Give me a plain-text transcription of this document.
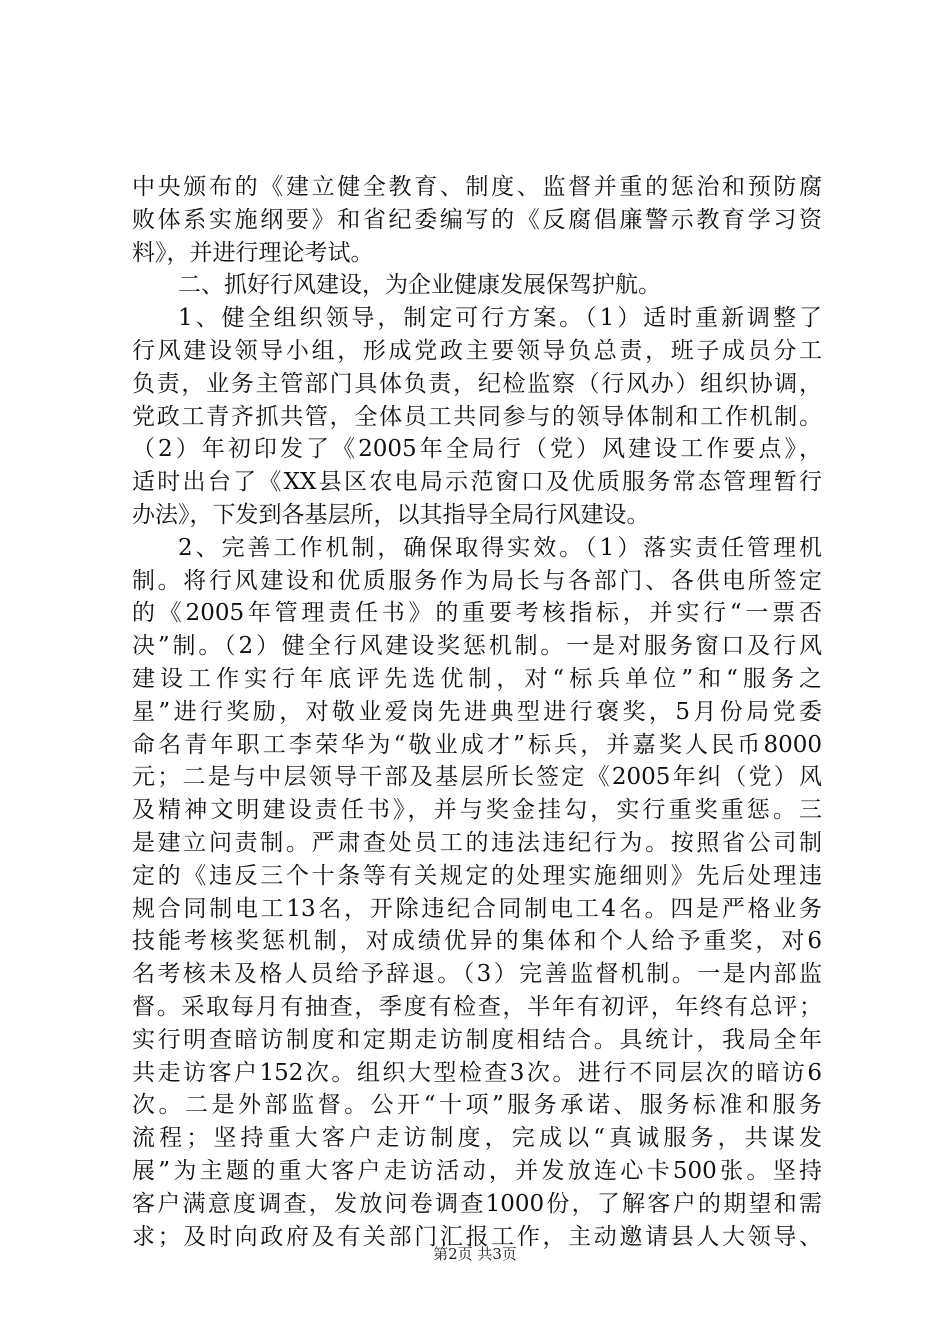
中央颁布的《建立健全教育、制度、监督并重的惩治和预防腐
败体系实施纲要》和省纪委编写的《反腐倡廉警示教育学习资
料》，并进行理论考试。
二、抓好行风建设，为企业健康发展保驾护航。
1、健全组织领导，制定可行方案。（1）适时重新调整了
行风建设领导小组，形成党政主要领导负总责，班子成员分工
负责，业务主管部门具体负责，纪检监察（行风办）组织协调，
党政工青齐抓共管，全体员工共同参与的领导体制和工作机制。
（2）年初印发了《2005年全局行（党）风建设工作要点》，
适时出台了《XX县区农电局示范窗口及优质服务常态管理暂行
办法》，下发到各基层所，以其指导全局行风建设。
2、完善工作机制，确保取得实效。（1）落实责任管理机
制。将行风建设和优质服务作为局长与各部门、各供电所签定
的《2005年管理责任书》的重要考核指标，并实行“一票否
决”制。（2）健全行风建设奖惩机制。一是对服务窗口及行风
建设工作实行年底评先选优制，对“标兵单位”和“服务之
星”进行奖励，对敬业爱岗先进典型进行褒奖，5月份局党委
命名青年职工李荣华为“敬业成才”标兵，并嘉奖人民币8000
元；二是与中层领导干部及基层所长签定《2005年纠（党）风
及精神文明建设责任书》，并与奖金挂勾，实行重奖重惩。三
是建立问责制。严肃查处员工的违法违纪行为。按照省公司制
定的《违反三个十条等有关规定的处理实施细则》先后处理违
规合同制电工13名，开除违纪合同制电工4名。四是严格业务
技能考核奖惩机制，对成绩优异的集体和个人给予重奖，对6
名考核未及格人员给予辞退。（3）完善监督机制。一是内部监
督。采取每月有抽查，季度有检查，半年有初评，年终有总评；
实行明查暗访制度和定期走访制度相结合。具统计，我局全年
共走访客户152次。组织大型检查3次。进行不同层次的暗访6
次。二是外部监督。公开“十项”服务承诺、服务标准和服务
流程；坚持重大客户走访制度，完成以“真诚服务，共谋发
展”为主题的重大客户走访活动，并发放连心卡500张。坚持
客户满意度调查，发放问卷调查1000份，了解客户的期望和需
求；及时向政府及有关部门汇报工作，主动邀请县人大领导、
第2页 共3页
